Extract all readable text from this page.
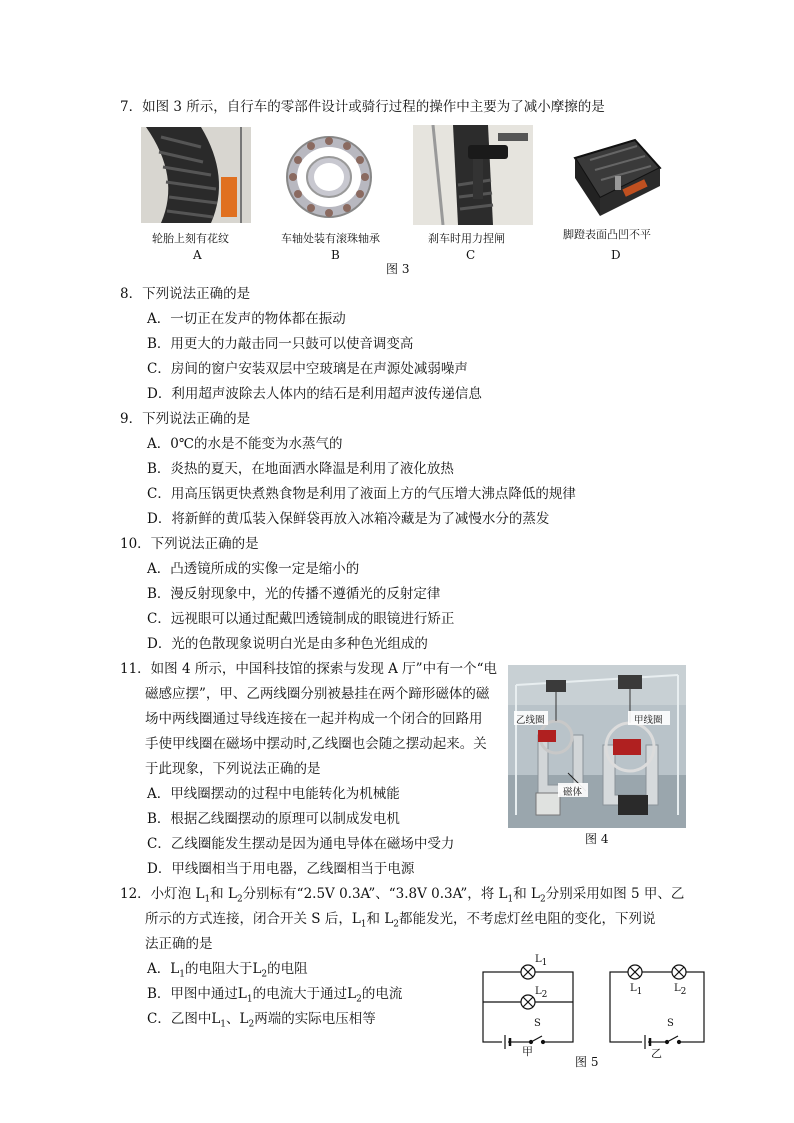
7．如图 3 所示，自行车的零部件设计或骑行过程的操作中主要为了减小摩擦的是
轮胎上刻有花纹
A
车轴处装有滚珠轴承
B
刹车时用力捏闸
C
脚蹬表面凸凹不平
D
图 3
8．下列说法正确的是
A．一切正在发声的物体都在振动
B．用更大的力敲击同一只鼓可以使音调变高
C．房间的窗户安装双层中空玻璃是在声源处减弱噪声
D．利用超声波除去人体内的结石是利用超声波传递信息
9．下列说法正确的是
A．0℃的水是不能变为水蒸气的
B．炎热的夏天，在地面洒水降温是利用了液化放热
C．用高压锅更快煮熟食物是利用了液面上方的气压增大沸点降低的规律
D．将新鲜的黄瓜装入保鲜袋再放入冰箱冷藏是为了减慢水分的蒸发
10．下列说法正确的是
A．凸透镜所成的实像一定是缩小的
B．漫反射现象中，光的传播不遵循光的反射定律
C．远视眼可以通过配戴凹透镜制成的眼镜进行矫正
D．光的色散现象说明白光是由多种色光组成的
11．如图 4 所示，中国科技馆的探索与发现 A 厅”中有一个“电
磁感应摆”，甲、乙两线圈分别被悬挂在两个蹄形磁体的磁
场中两线圈通过导线连接在一起并构成一个闭合的回路用
手使甲线圈在磁场中摆动时,乙线圈也会随之摆动起来。关
于此现象，下列说法正确的是
A．甲线圈摆动的过程中电能转化为机械能
B．根据乙线圈摆动的原理可以制成发电机
C．乙线圈能发生摆动是因为通电导体在磁场中受力
D．甲线圈相当于用电器，乙线圈相当于电源
乙线圈	甲线圈
磁体
图 4
12．小灯泡 $L_1$和 $L_2$分别标有“2.5V 0.3A”、“3.8V 0.3A”，将 $L_1$和 $L_2$分别采用如图 5 甲、乙
所示的方式连接，闭合开关 S 后，$L_1$和 $L_2$都能发光，不考虑灯丝电阻的变化，下列说
法正确的是
A．$L_1$的电阻大于$L_2$的电阻
B．甲图中通过$L_1$的电流大于通过$L_2$的电流
C．乙图中$L_1$、$L_2$两端的实际电压相等
$L_1$
$L_2$
S
甲
$L_1$	$L_2$
S
乙
图 5
